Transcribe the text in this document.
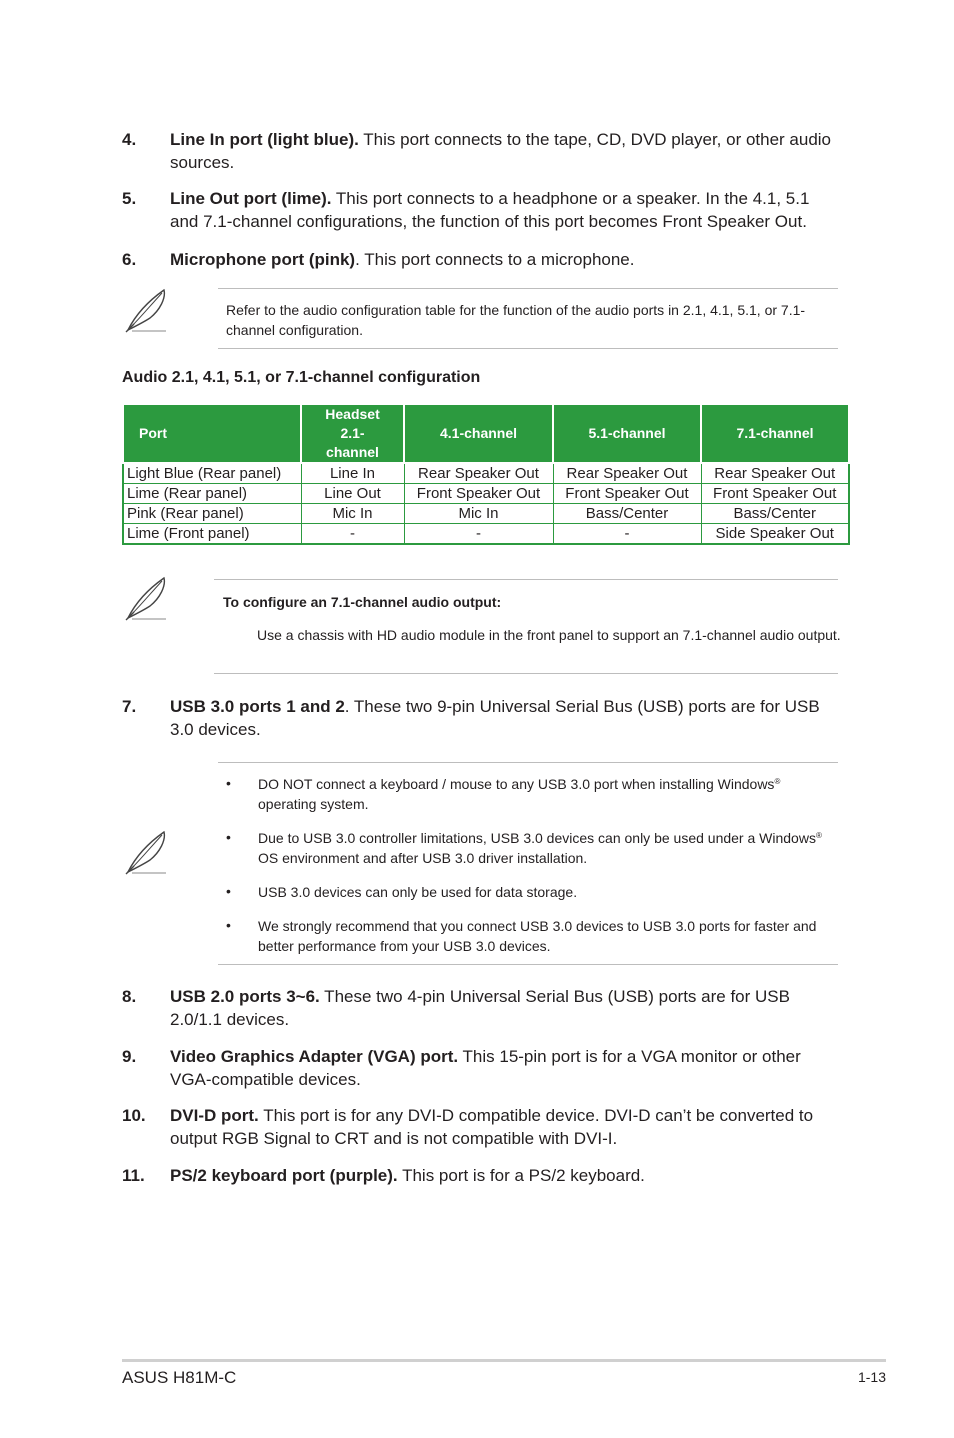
4. Line In port (light blue). This port connects to the tape, CD, DVD player, or other audio sources.
5. Line Out port (lime). This port connects to a headphone or a speaker. In the 4.1, 5.1 and 7.1-channel configurations, the function of this port becomes Front Speaker Out.
6. Microphone port (pink). This port connects to a microphone.
Refer to the audio configuration table for the function of the audio ports in 2.1, 4.1, 5.1, or 7.1-channel configuration.
Audio 2.1, 4.1, 5.1, or 7.1-channel configuration
Port	Headset 2.1-channel	4.1-channel	5.1-channel	7.1-channel
Light Blue (Rear panel)	Line In	Rear Speaker Out	Rear Speaker Out	Rear Speaker Out
Lime (Rear panel)	Line Out	Front Speaker Out	Front Speaker Out	Front Speaker Out
Pink (Rear panel)	Mic In	Mic In	Bass/Center	Bass/Center
Lime (Front panel)	-	-	-	Side Speaker Out
To configure an 7.1-channel audio output:
Use a chassis with HD audio module in the front panel to support an 7.1-channel audio output.
7. USB 3.0 ports 1 and 2. These two 9-pin Universal Serial Bus (USB) ports are for USB 3.0 devices.
• DO NOT connect a keyboard / mouse to any USB 3.0 port when installing Windows® operating system.
• Due to USB 3.0 controller limitations, USB 3.0 devices can only be used under a Windows® OS environment and after USB 3.0 driver installation.
• USB 3.0 devices can only be used for data storage.
• We strongly recommend that you connect USB 3.0 devices to USB 3.0 ports for faster and better performance from your USB 3.0 devices.
8. USB 2.0 ports 3~6. These two 4-pin Universal Serial Bus (USB) ports are for USB 2.0/1.1 devices.
9. Video Graphics Adapter (VGA) port. This 15-pin port is for a VGA monitor or other VGA-compatible devices.
10. DVI-D port. This port is for any DVI-D compatible device. DVI-D can’t be converted to output RGB Signal to CRT and is not compatible with DVI-I.
11. PS/2 keyboard port (purple). This port is for a PS/2 keyboard.
ASUS H81M-C	1-13
